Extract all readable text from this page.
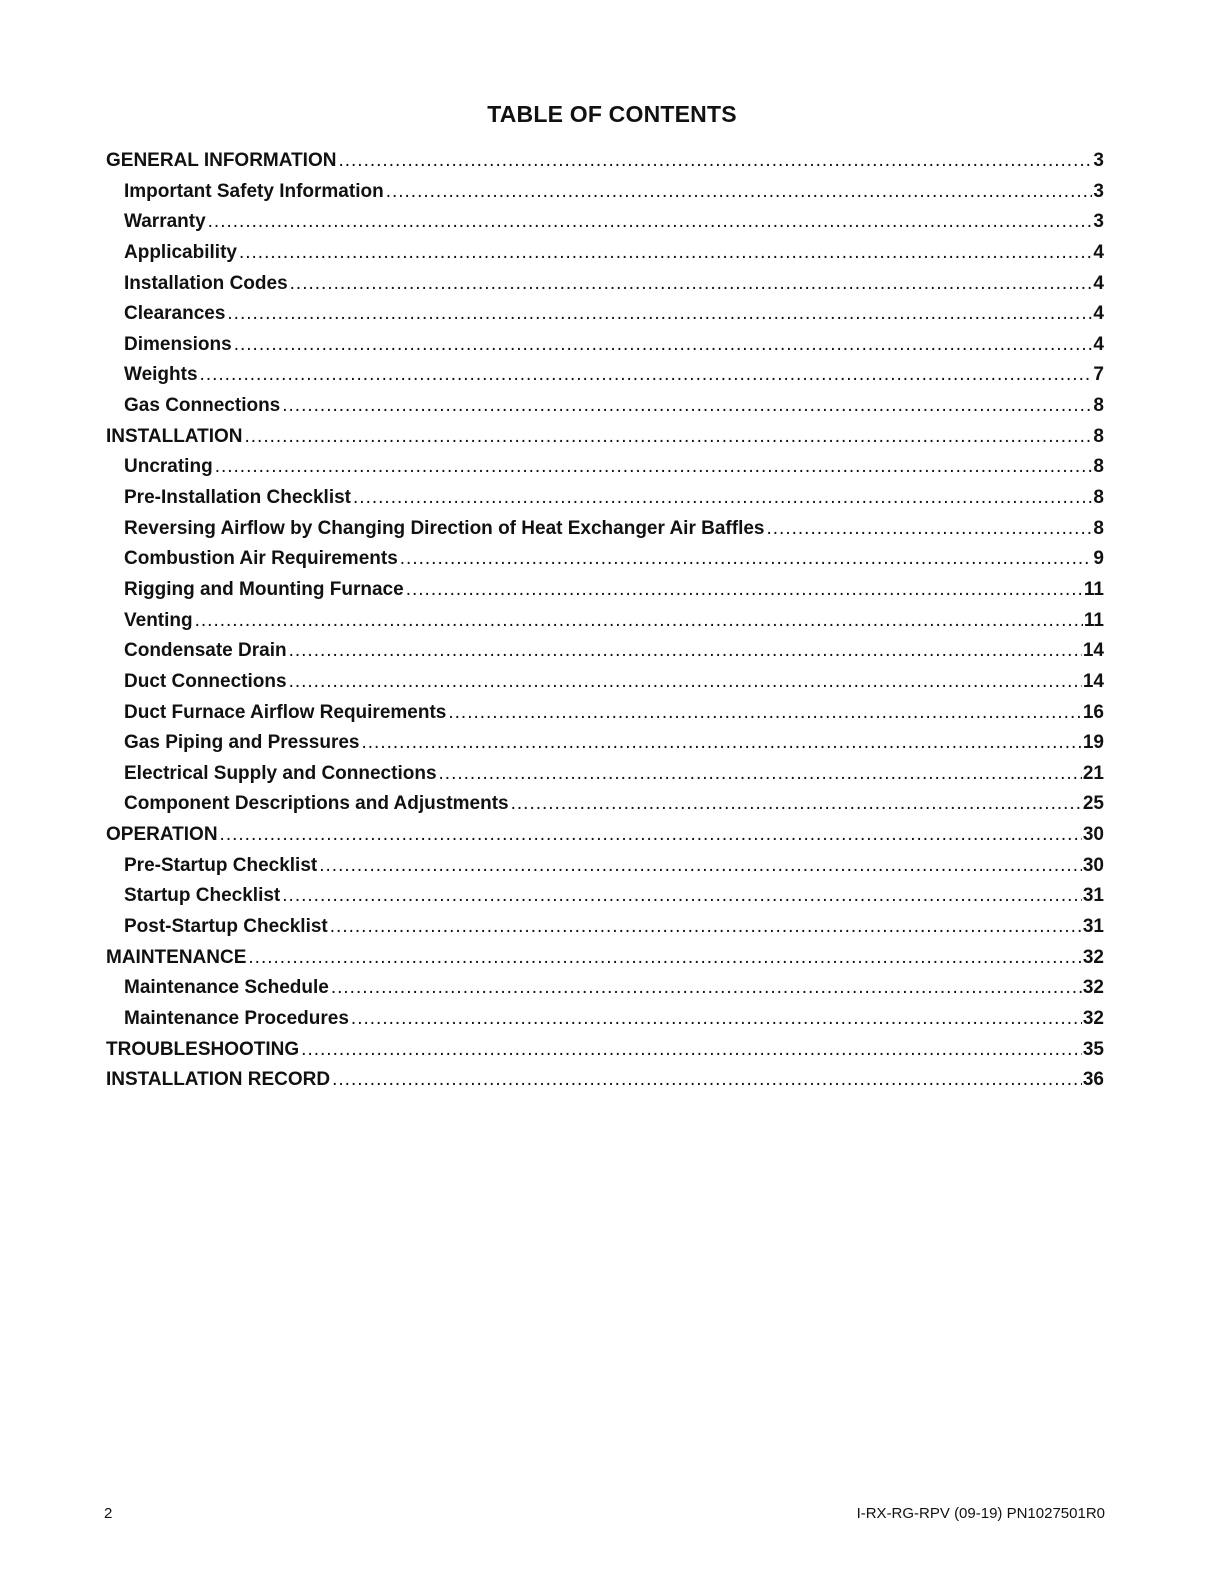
TABLE OF CONTENTS
GENERAL INFORMATION .....	3
Important Safety Information .....	3
Warranty .....	3
Applicability .....	4
Installation Codes .....	4
Clearances .....	4
Dimensions .....	4
Weights .....	7
Gas Connections .....	8
INSTALLATION .....	8
Uncrating .....	8
Pre-Installation Checklist .....	8
Reversing Airflow by Changing Direction of Heat Exchanger Air Baffles .....	8
Combustion Air Requirements .....	9
Rigging and Mounting Furnace .....	11
Venting .....	11
Condensate Drain .....	14
Duct Connections .....	14
Duct Furnace Airflow Requirements .....	16
Gas Piping and Pressures .....	19
Electrical Supply and Connections .....	21
Component Descriptions and Adjustments .....	25
OPERATION .....	30
Pre-Startup Checklist .....	30
Startup Checklist .....	31
Post-Startup Checklist .....	31
MAINTENANCE .....	32
Maintenance Schedule .....	32
Maintenance Procedures .....	32
TROUBLESHOOTING .....	35
INSTALLATION RECORD .....	36
2	I-RX-RG-RPV (09-19) PN1027501R0
